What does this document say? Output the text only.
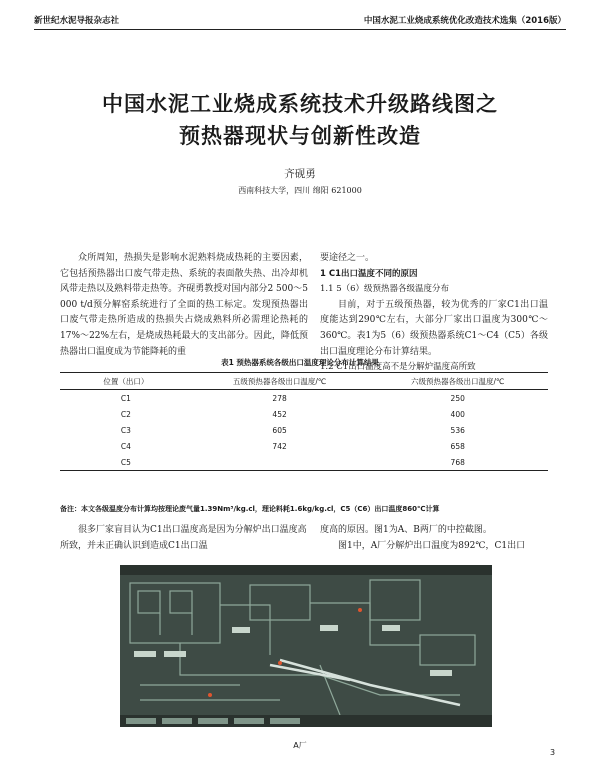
新世纪水泥导报杂志社	中国水泥工业烧成系统优化改造技术选集（2016版）
中国水泥工业烧成系统技术升级路线图之
预热器现状与创新性改造
齐砚勇
西南科技大学，四川 绵阳 621000

众所周知，热损失是影响水泥熟料烧成热耗的主要因素，它包括预热器出口废气带走热、系统的表面散失热、出冷却机风带走热以及熟料带走热等。齐砚勇教授对国内部分2 500～5 000 t/d预分解窑系统进行了全面的热工标定。发现预热器出口废气带走热所造成的热损失占烧成熟料所必需理论热耗的17%～22%左右，是烧成热耗最大的支出部分。因此，降低预热器出口温度成为节能降耗的重

要途径之一。

1 C1出口温度不同的原因

1.1 5（6）级预热器各级温度分布

目前，对于五级预热器，较为优秀的厂家C1出口温度能达到290℃左右，大部分厂家出口温度为300℃～360℃。表1为5（6）级预热器系统C1～C4（C5）各级出口温度理论分布计算结果。

1.2 C1出口温度高不是分解炉温度高所致

表1 预热器系统各级出口温度理论分布计算结果
位置（出口）	五级预热器各级出口温度/℃	六级预热器各级出口温度/℃
C1	278	250
C2	452	400
C3	605	536
C4	742	658
C5		768
备注：本文各级温度分布计算均按理论废气量1.39Nm³/kg.cl，理论料耗1.6kg/kg.cl，C5（C6）出口温度860℃计算

很多厂家盲目认为C1出口温度高是因为分解炉出口温度高所致，并未正确认识到造成C1出口温

度高的原因。图1为A、B两厂的中控截图。

图1中，A厂分解炉出口温度为892℃，C1出口

A厂
3
